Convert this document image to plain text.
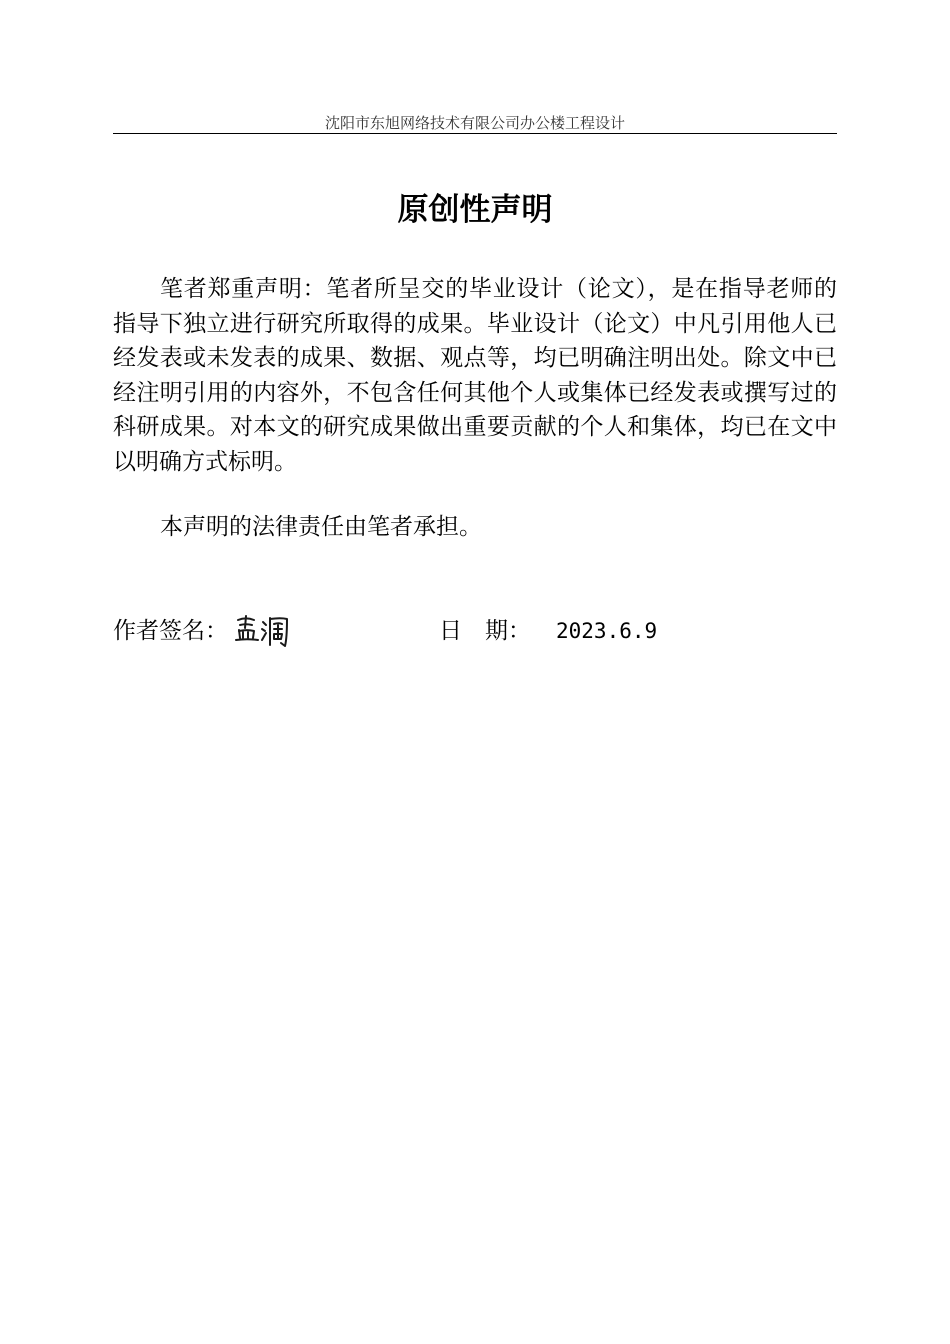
沈阳市东旭网络技术有限公司办公楼工程设计
原创性声明

笔者郑重声明：笔者所呈交的毕业设计（论文），是在指导老师的指导下独立进行研究所取得的成果。毕业设计（论文）中凡引用他人已经发表或未发表的成果、数据、观点等，均已明确注明出处。除文中已经注明引用的内容外，不包含任何其他个人或集体已经发表或撰写过的科研成果。对本文的研究成果做出重要贡献的个人和集体，均已在文中以明确方式标明。

本声明的法律责任由笔者承担。

作者签名：	日　期： 2023.6.9
